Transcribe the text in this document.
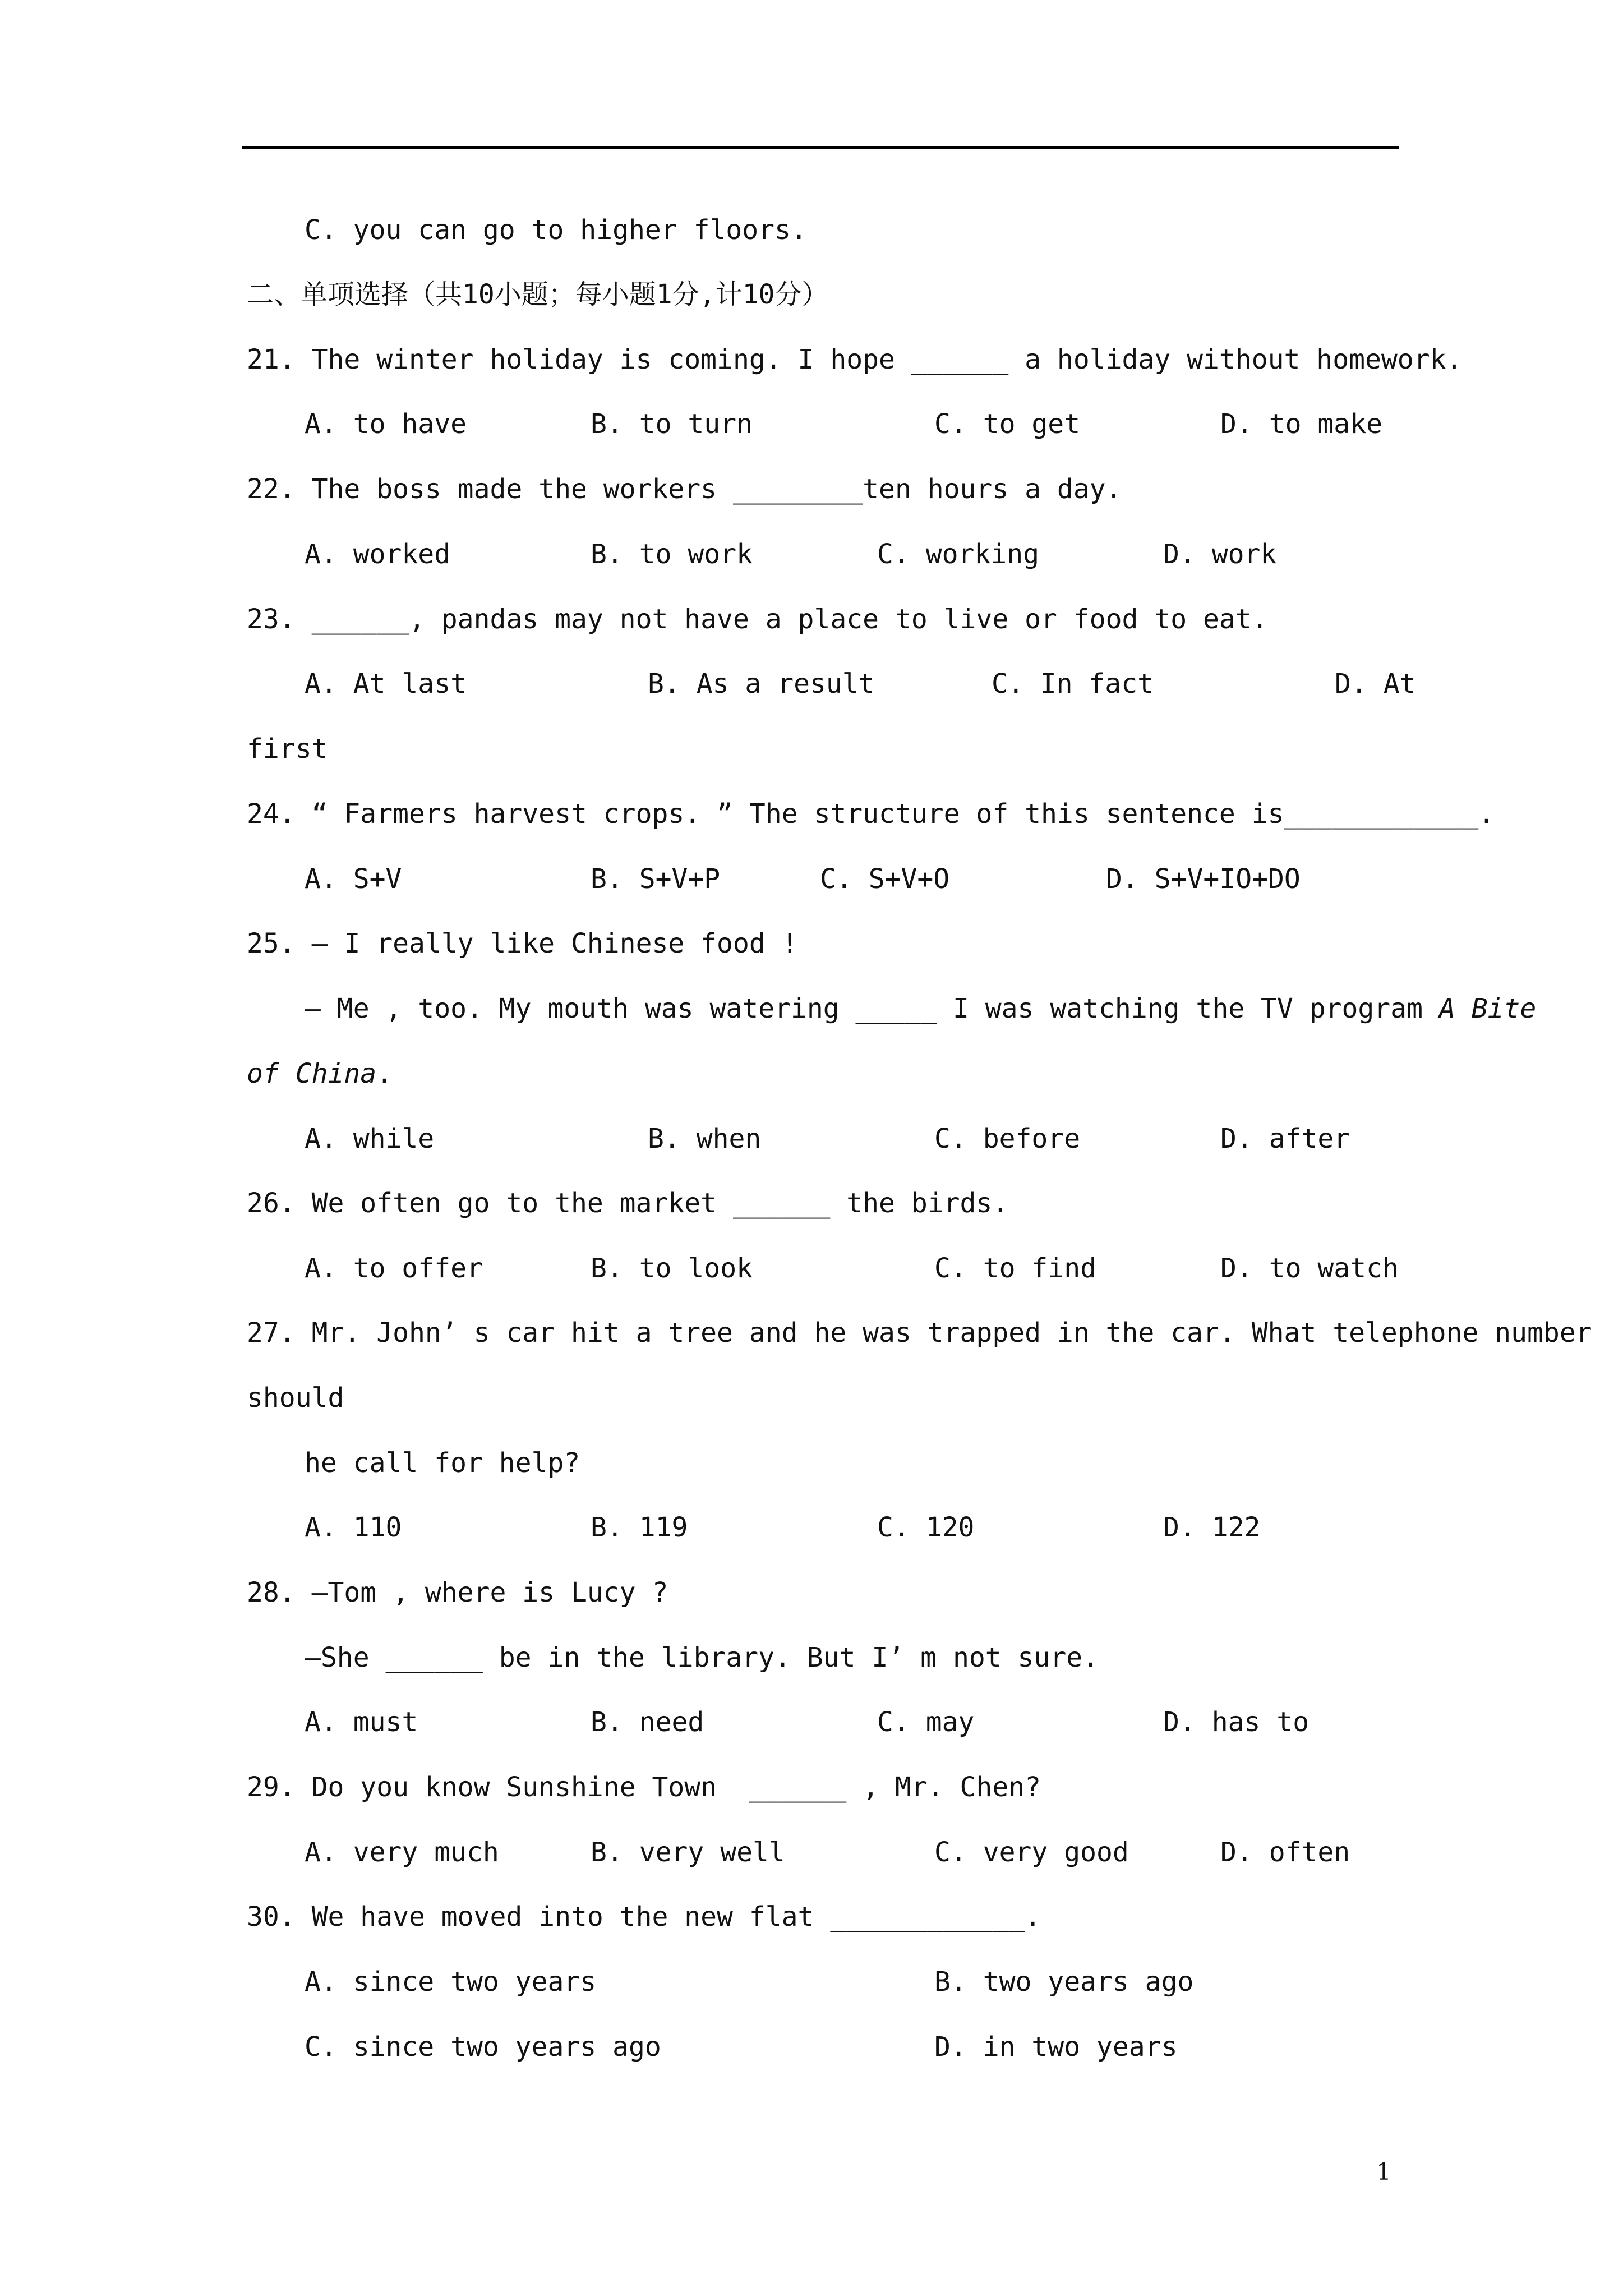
C. you can go to higher floors.
二、单项选择（共10小题；每小题1分,计10分）
21. The winter holiday is coming. I hope ______ a holiday without homework.
A. to have	B. to turn	C. to get	D. to make
22. The boss made the workers ________ten hours a day.
A. worked	B. to work	C. working	D. work
23. ______, pandas may not have a place to live or food to eat.
A. At last	B. As a result	C. In fact	D. At
first
24. “ Farmers harvest crops. ” The structure of this sentence is____________.
A. S+V	B. S+V+P	C. S+V+O	D. S+V+IO+DO
25. — I really like Chinese food !
— Me , too. My mouth was watering _____ I was watching the TV program A Bite
of China.
A. while	B. when	C. before	D. after
26. We often go to the market ______ the birds.
A. to offer	B. to look	C. to find	D. to watch
27. Mr. John’ s car hit a tree and he was trapped in the car. What telephone number
should
he call for help?
A. 110	B. 119	C. 120	D. 122
28. —Tom , where is Lucy ?
—She ______ be in the library. But I’ m not sure.
A. must	B. need	C. may	D. has to
29. Do you know Sunshine Town  ______ , Mr. Chen?
A. very much	B. very well	C. very good	D. often
30. We have moved into the new flat ____________.
A. since two years	B. two years ago
C. since two years ago	D. in two years
1
